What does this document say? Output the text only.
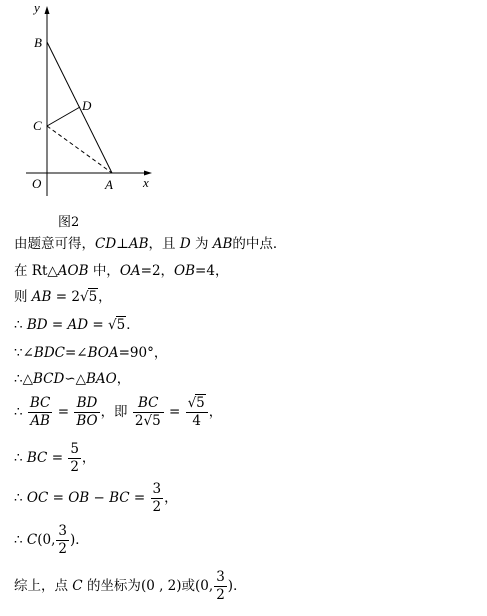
y
B
D
C
O	A x
图2
由题意可得，CD⊥AB，且 D 为 AB的中点．
在 Rt△AOB 中，OA=2，OB=4，
则 AB = 2√5，
∴ BD = AD = √5．
∵∠BDC=∠BOA=90°，
∴△BCD∽△BAO，
∴ $\frac{BC}{AB} = \frac{BD}{BO}$ ，即 $\frac{BC}{2√5} = \frac{√5}{4}$ ，
∴ BC = $\frac{5}{2}$ ，
∴ OC = OB − BC = $\frac{3}{2}$ ，
∴ C(0, $\frac{3}{2}$ )．
综上，点 C 的坐标为(0 , 2)或(0, $\frac{3}{2}$ )．
